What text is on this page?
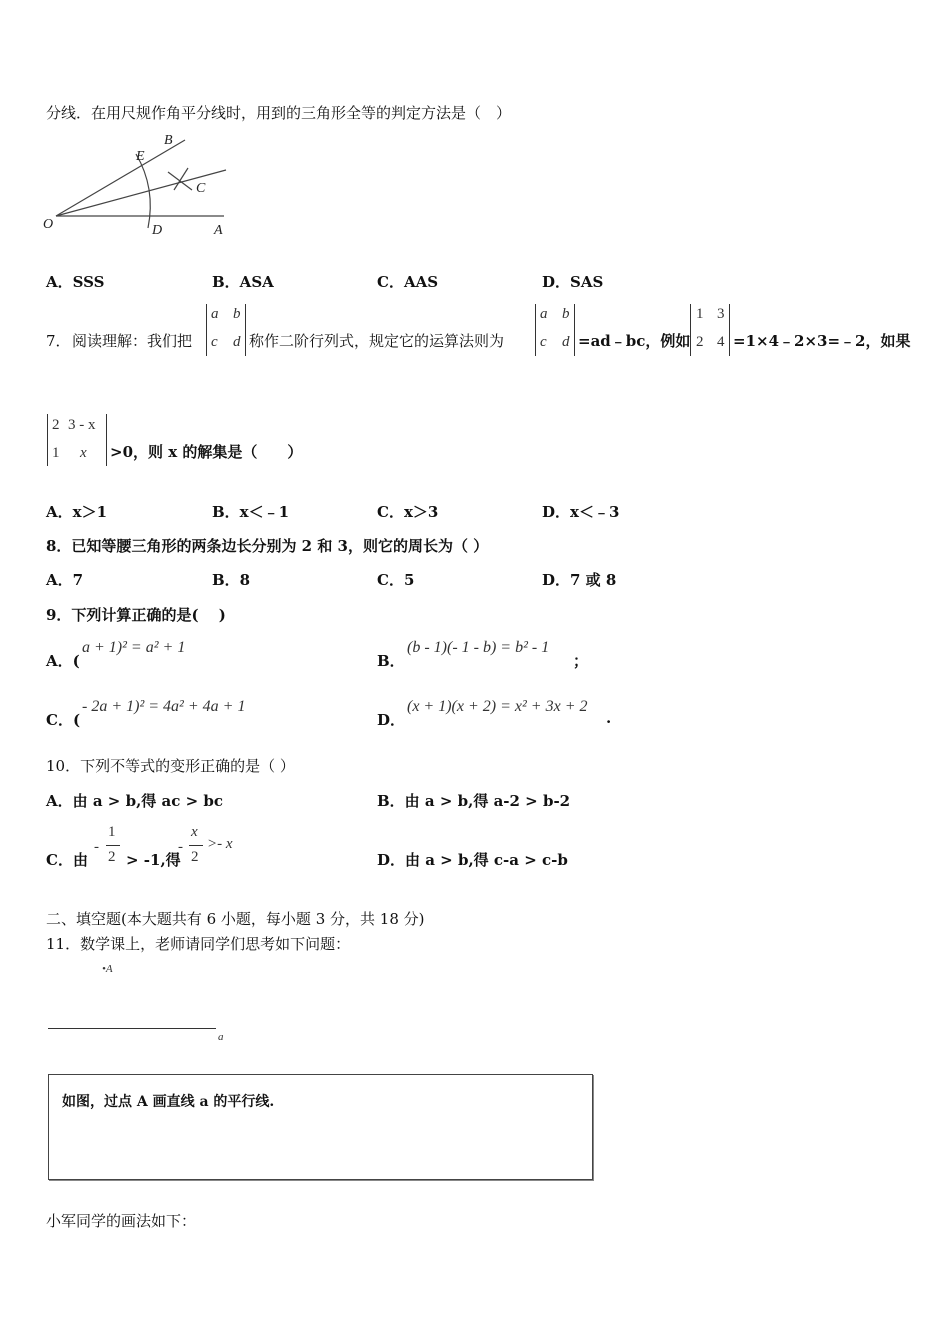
分线．在用尺规作角平分线时，用到的三角形全等的判定方法是（　）
B
E
C
O	D	A
A．SSS	B．ASA	C．AAS	D．SAS
7． 阅读理解：我们把
a b
c d 称作二阶行列式，规定它的运算法则为
a b
c d =ad﹣bc，例如
1 3
2 4 =1×4﹣2×3=﹣2，如果
2 3 - x
1 x >0，则 x 的解集是（　　）
A．x＞1	B．x＜﹣1	C．x＞3	D．x＜﹣3
8．已知等腰三角形的两条边长分别为 2 和 3，则它的周长为（ ）
A．7	B．8	C．5	D．7 或 8
9．下列计算正确的是(　 )
A．(
a + 1)² = a² + 1
B．
(b - 1)(- 1 - b) = b² - 1
；
C．(
- 2a + 1)² = 4a² + 4a + 1
D．
(x + 1)(x + 2) = x² + 3x + 2
.
10．下列不等式的变形正确的是（ ）
A．由 a > b,得 ac > bc	B．由 a > b,得 a-2 > b-2
C．由
-
1
2 > -1,得
-
x
2
>- x
D．由 a > b,得 c-a > c-b
二、填空题(本大题共有 6 小题，每小题 3 分，共 18 分)
11．数学课上，老师请同学们思考如下问题：
•A
a
如图，过点 A 画直线 a 的平行线.
小军同学的画法如下：
